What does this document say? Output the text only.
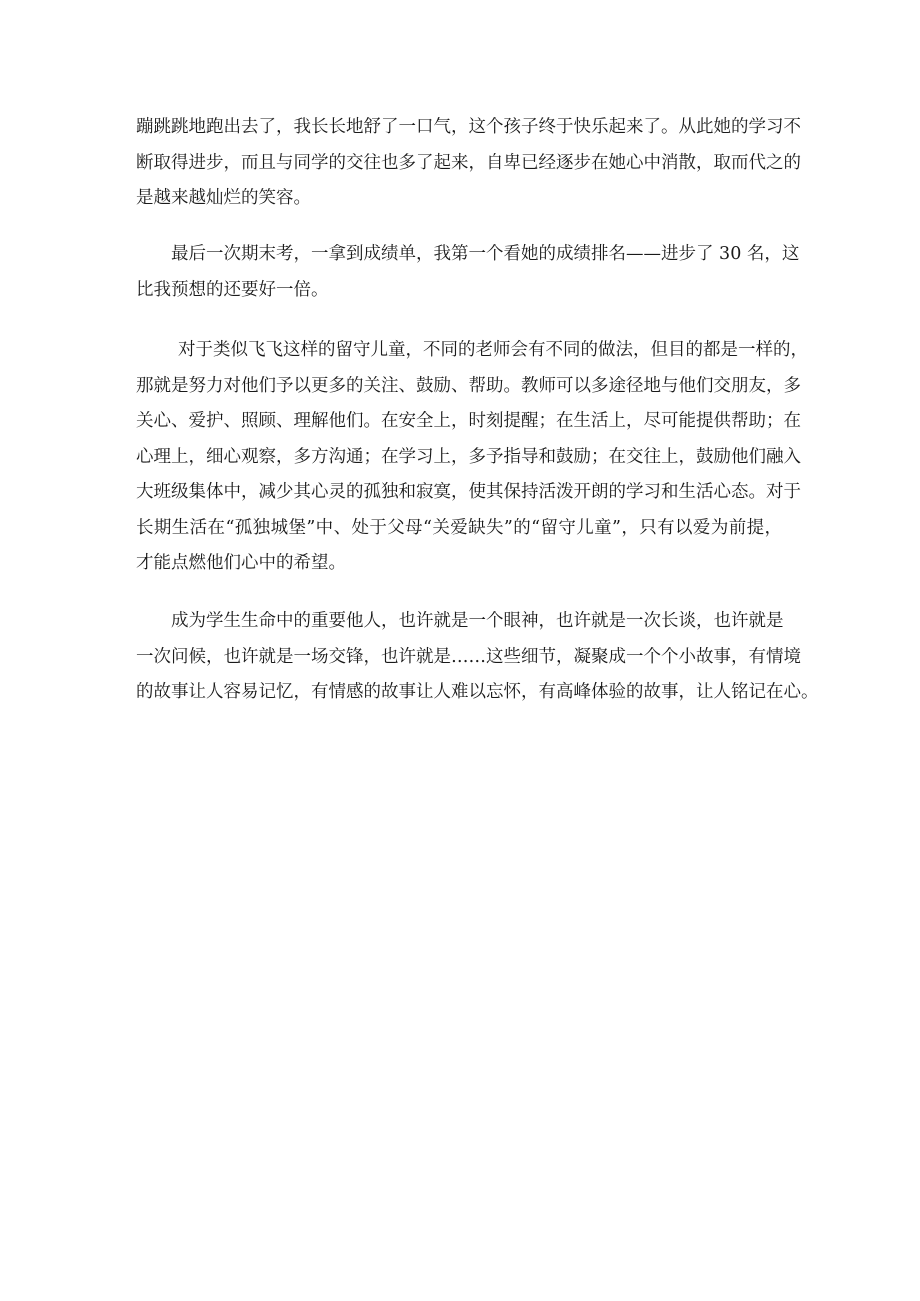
蹦跳跳地跑出去了，我长长地舒了一口气，这个孩子终于快乐起来了。从此她的学习不
断取得进步，而且与同学的交往也多了起来，自卑已经逐步在她心中消散，取而代之的
是越来越灿烂的笑容。
最后一次期末考，一拿到成绩单，我第一个看她的成绩排名——进步了 30 名，这
比我预想的还要好一倍。
对于类似飞飞这样的留守儿童，不同的老师会有不同的做法，但目的都是一样的，
那就是努力对他们予以更多的关注、鼓励、帮助。教师可以多途径地与他们交朋友，多
关心、爱护、照顾、理解他们。在安全上，时刻提醒；在生活上，尽可能提供帮助；在
心理上，细心观察，多方沟通；在学习上，多予指导和鼓励；在交往上，鼓励他们融入
大班级集体中，减少其心灵的孤独和寂寞，使其保持活泼开朗的学习和生活心态。对于
长期生活在“孤独城堡”中、处于父母“关爱缺失”的“留守儿童”，只有以爱为前提，
才能点燃他们心中的希望。
成为学生生命中的重要他人，也许就是一个眼神，也许就是一次长谈，也许就是
一次问候，也许就是一场交锋，也许就是……这些细节，凝聚成一个个小故事，有情境
的故事让人容易记忆，有情感的故事让人难以忘怀，有高峰体验的故事，让人铭记在心。
